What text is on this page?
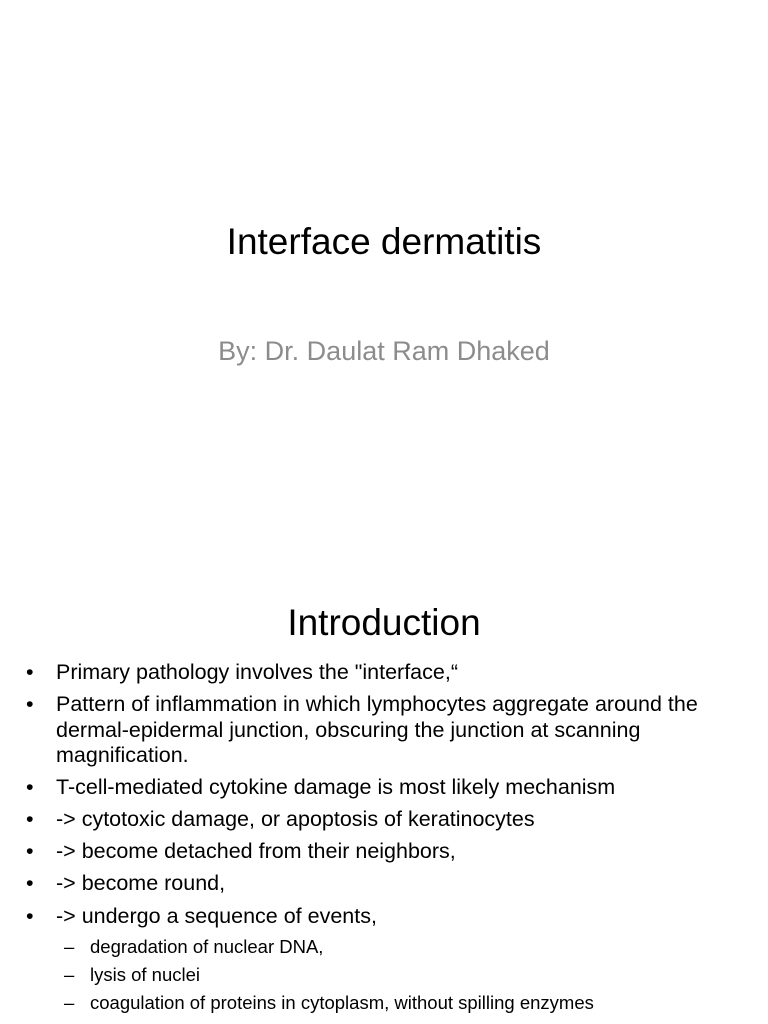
Interface dermatitis
By: Dr. Daulat Ram Dhaked
Introduction
• Primary pathology involves the "interface,“
• Pattern of inflammation in which lymphocytes aggregate around the dermal-epidermal junction, obscuring the junction at scanning magnification.
• T-cell-mediated cytokine damage is most likely mechanism
• -> cytotoxic damage, or apoptosis of keratinocytes
• -> become detached from their neighbors,
• -> become round,
• -> undergo a sequence of events,
– degradation of nuclear DNA,
– lysis of nuclei
– coagulation of proteins in cytoplasm, without spilling enzymes
